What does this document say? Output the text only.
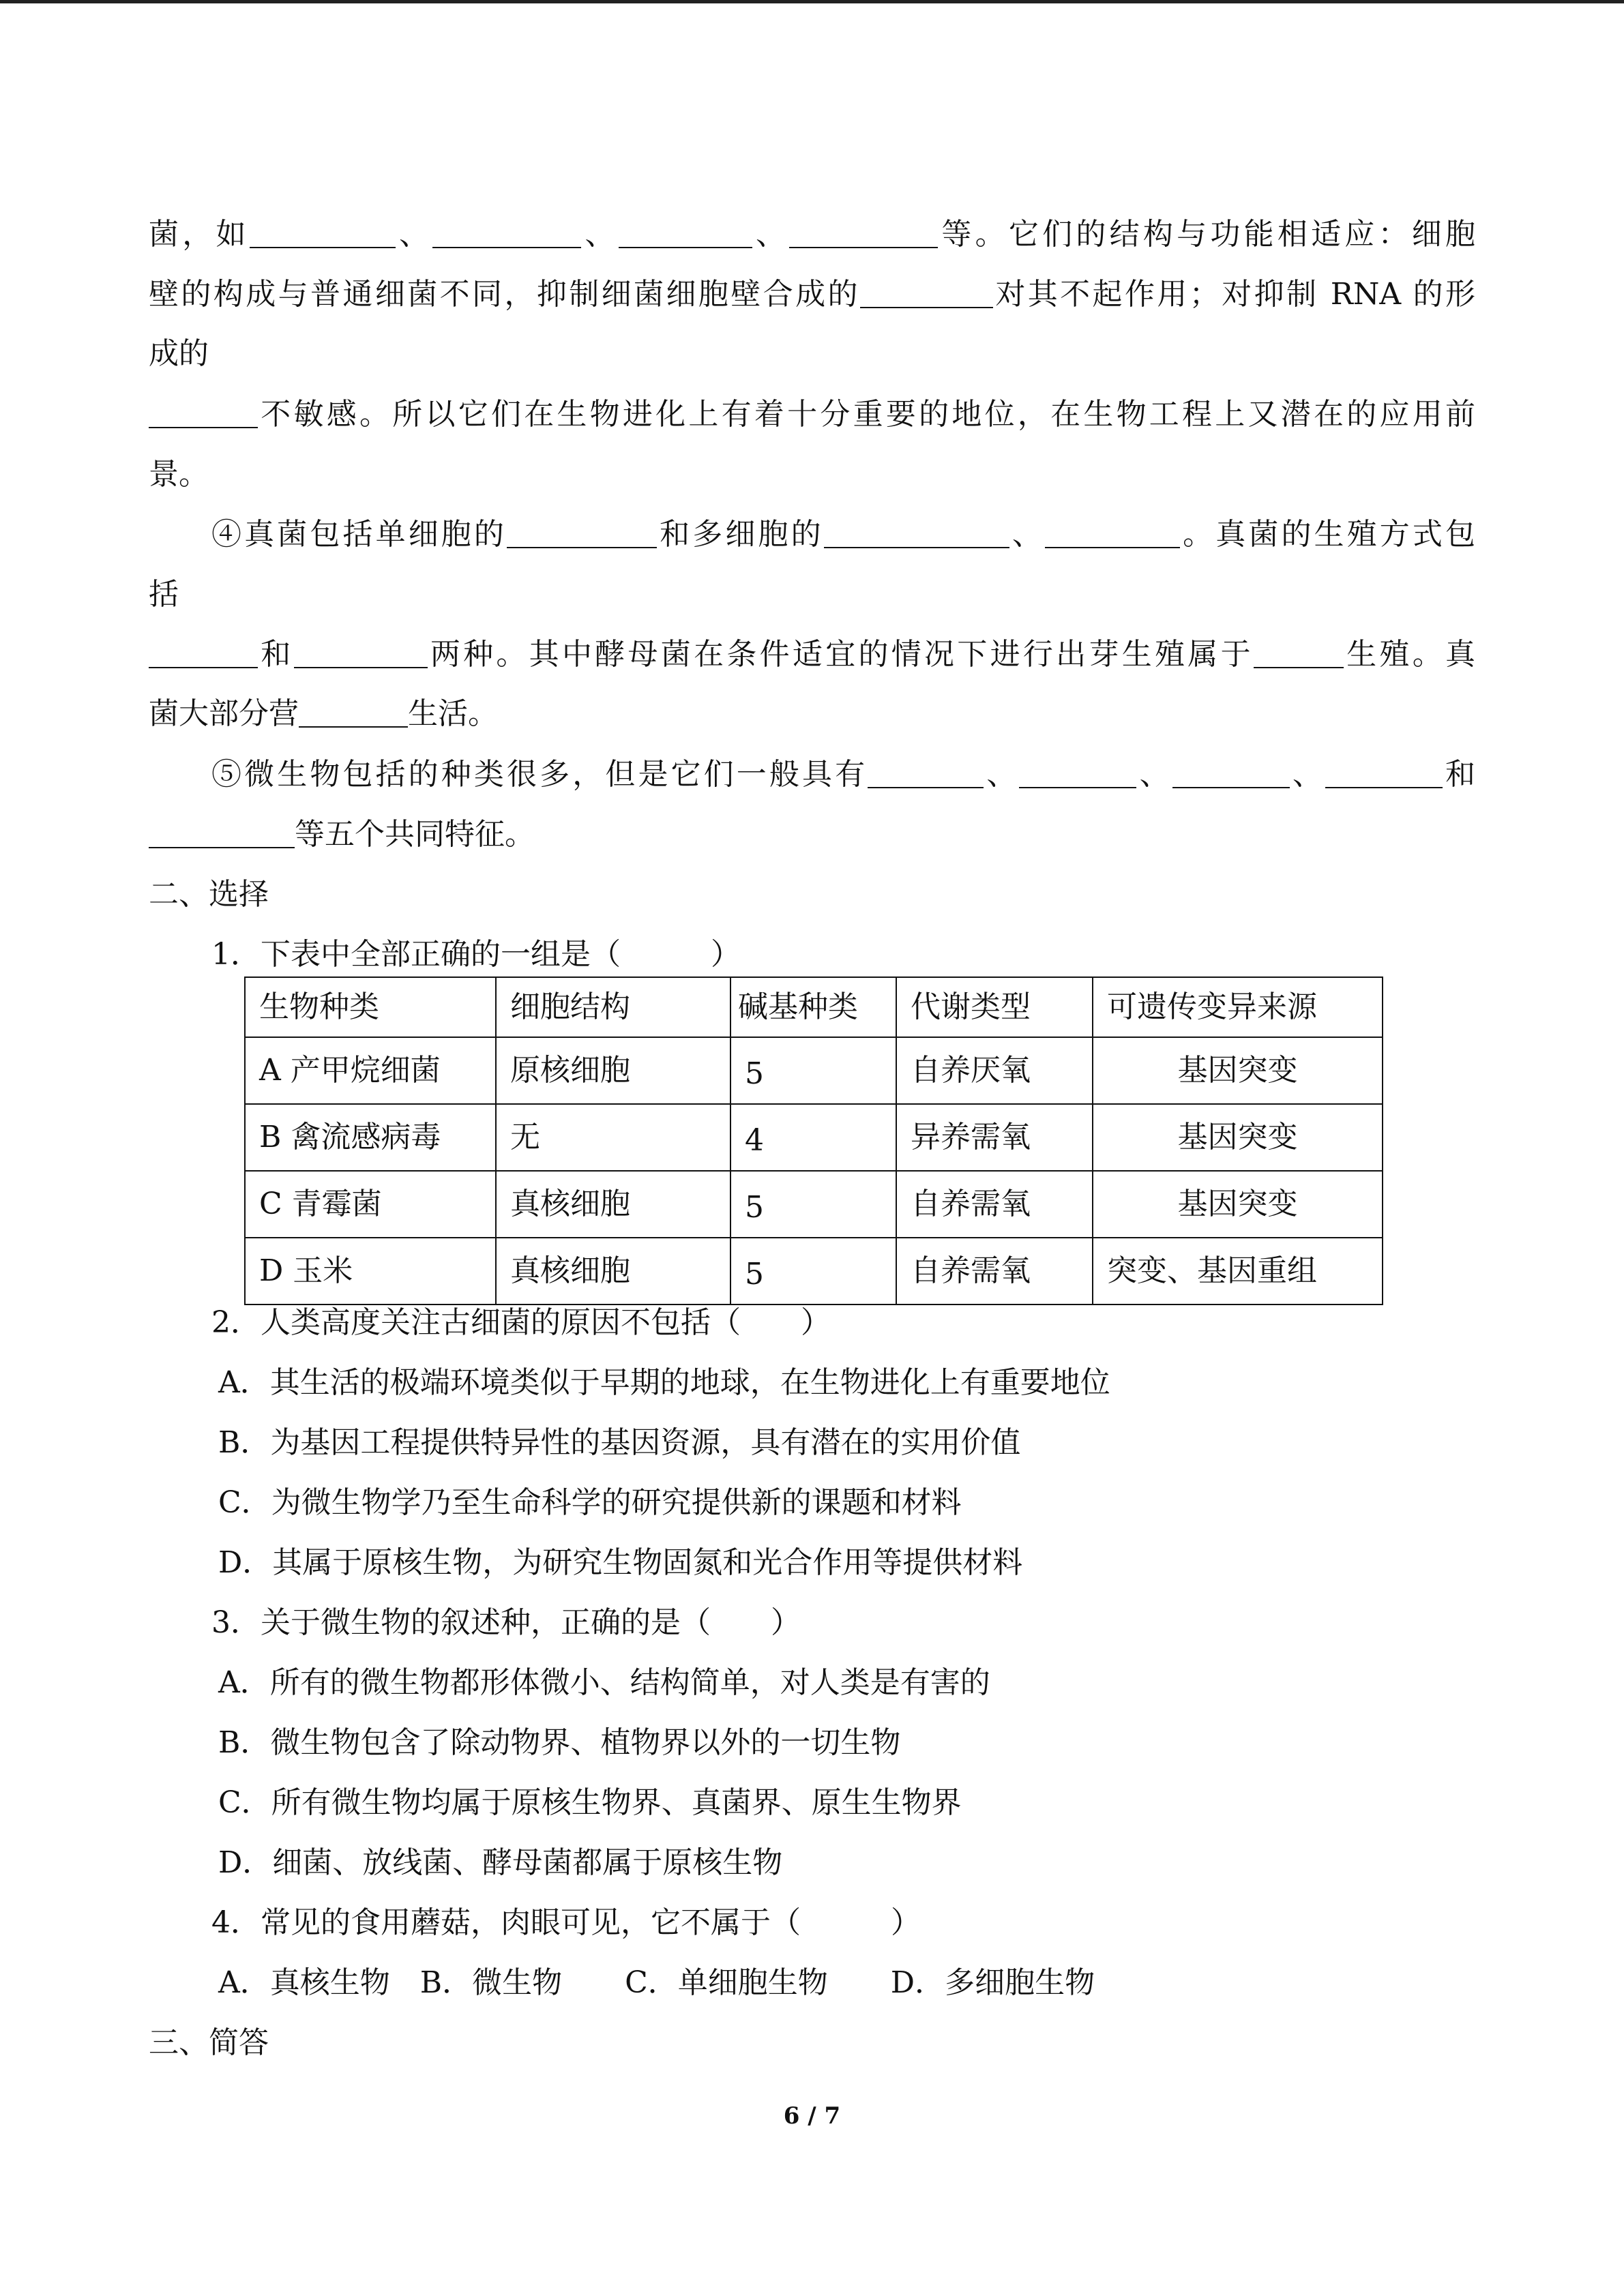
菌，如	、	、	、	等。它们的结构与功能相适应：细胞
壁的构成与普通细菌不同，抑制细菌细胞壁合成的	对其不起作用；对抑制 RNA 的形
成的
不敏感。所以它们在生物进化上有着十分重要的地位，在生物工程上又潜在的应用前
景。
④真菌包括单细胞的	和多细胞的	、	。真菌的生殖方式包
括
和	两种。其中酵母菌在条件适宜的情况下进行出芽生殖属于	生殖。真
菌大部分营	生活。
⑤微生物包括的种类很多，但是它们一般具有	、	、	、	和
等五个共同特征。
二、选择
1．下表中全部正确的一组是（　　　）
生物种类	细胞结构	碱基种类	代谢类型	可遗传变异来源
A 产甲烷细菌	原核细胞	5	自养厌氧	基因突变
B 禽流感病毒	无	4	异养需氧	基因突变
C 青霉菌	真核细胞	5	自养需氧	基因突变
D 玉米	真核细胞	5	自养需氧	突变、基因重组
2．人类高度关注古细菌的原因不包括（　　）
A．其生活的极端环境类似于早期的地球，在生物进化上有重要地位
B．为基因工程提供特异性的基因资源，具有潜在的实用价值
C．为微生物学乃至生命科学的研究提供新的课题和材料
D．其属于原核生物，为研究生物固氮和光合作用等提供材料
3．关于微生物的叙述种，正确的是（　　）
A．所有的微生物都形体微小、结构简单，对人类是有害的
B．微生物包含了除动物界、植物界以外的一切生物
C．所有微生物均属于原核生物界、真菌界、原生生物界
D．细菌、放线菌、酵母菌都属于原核生物
4．常见的食用蘑菇，肉眼可见，它不属于（　　　）
A．真核生物 B．微生物 C．单细胞生物 D．多细胞生物
三、简答
6 / 7
